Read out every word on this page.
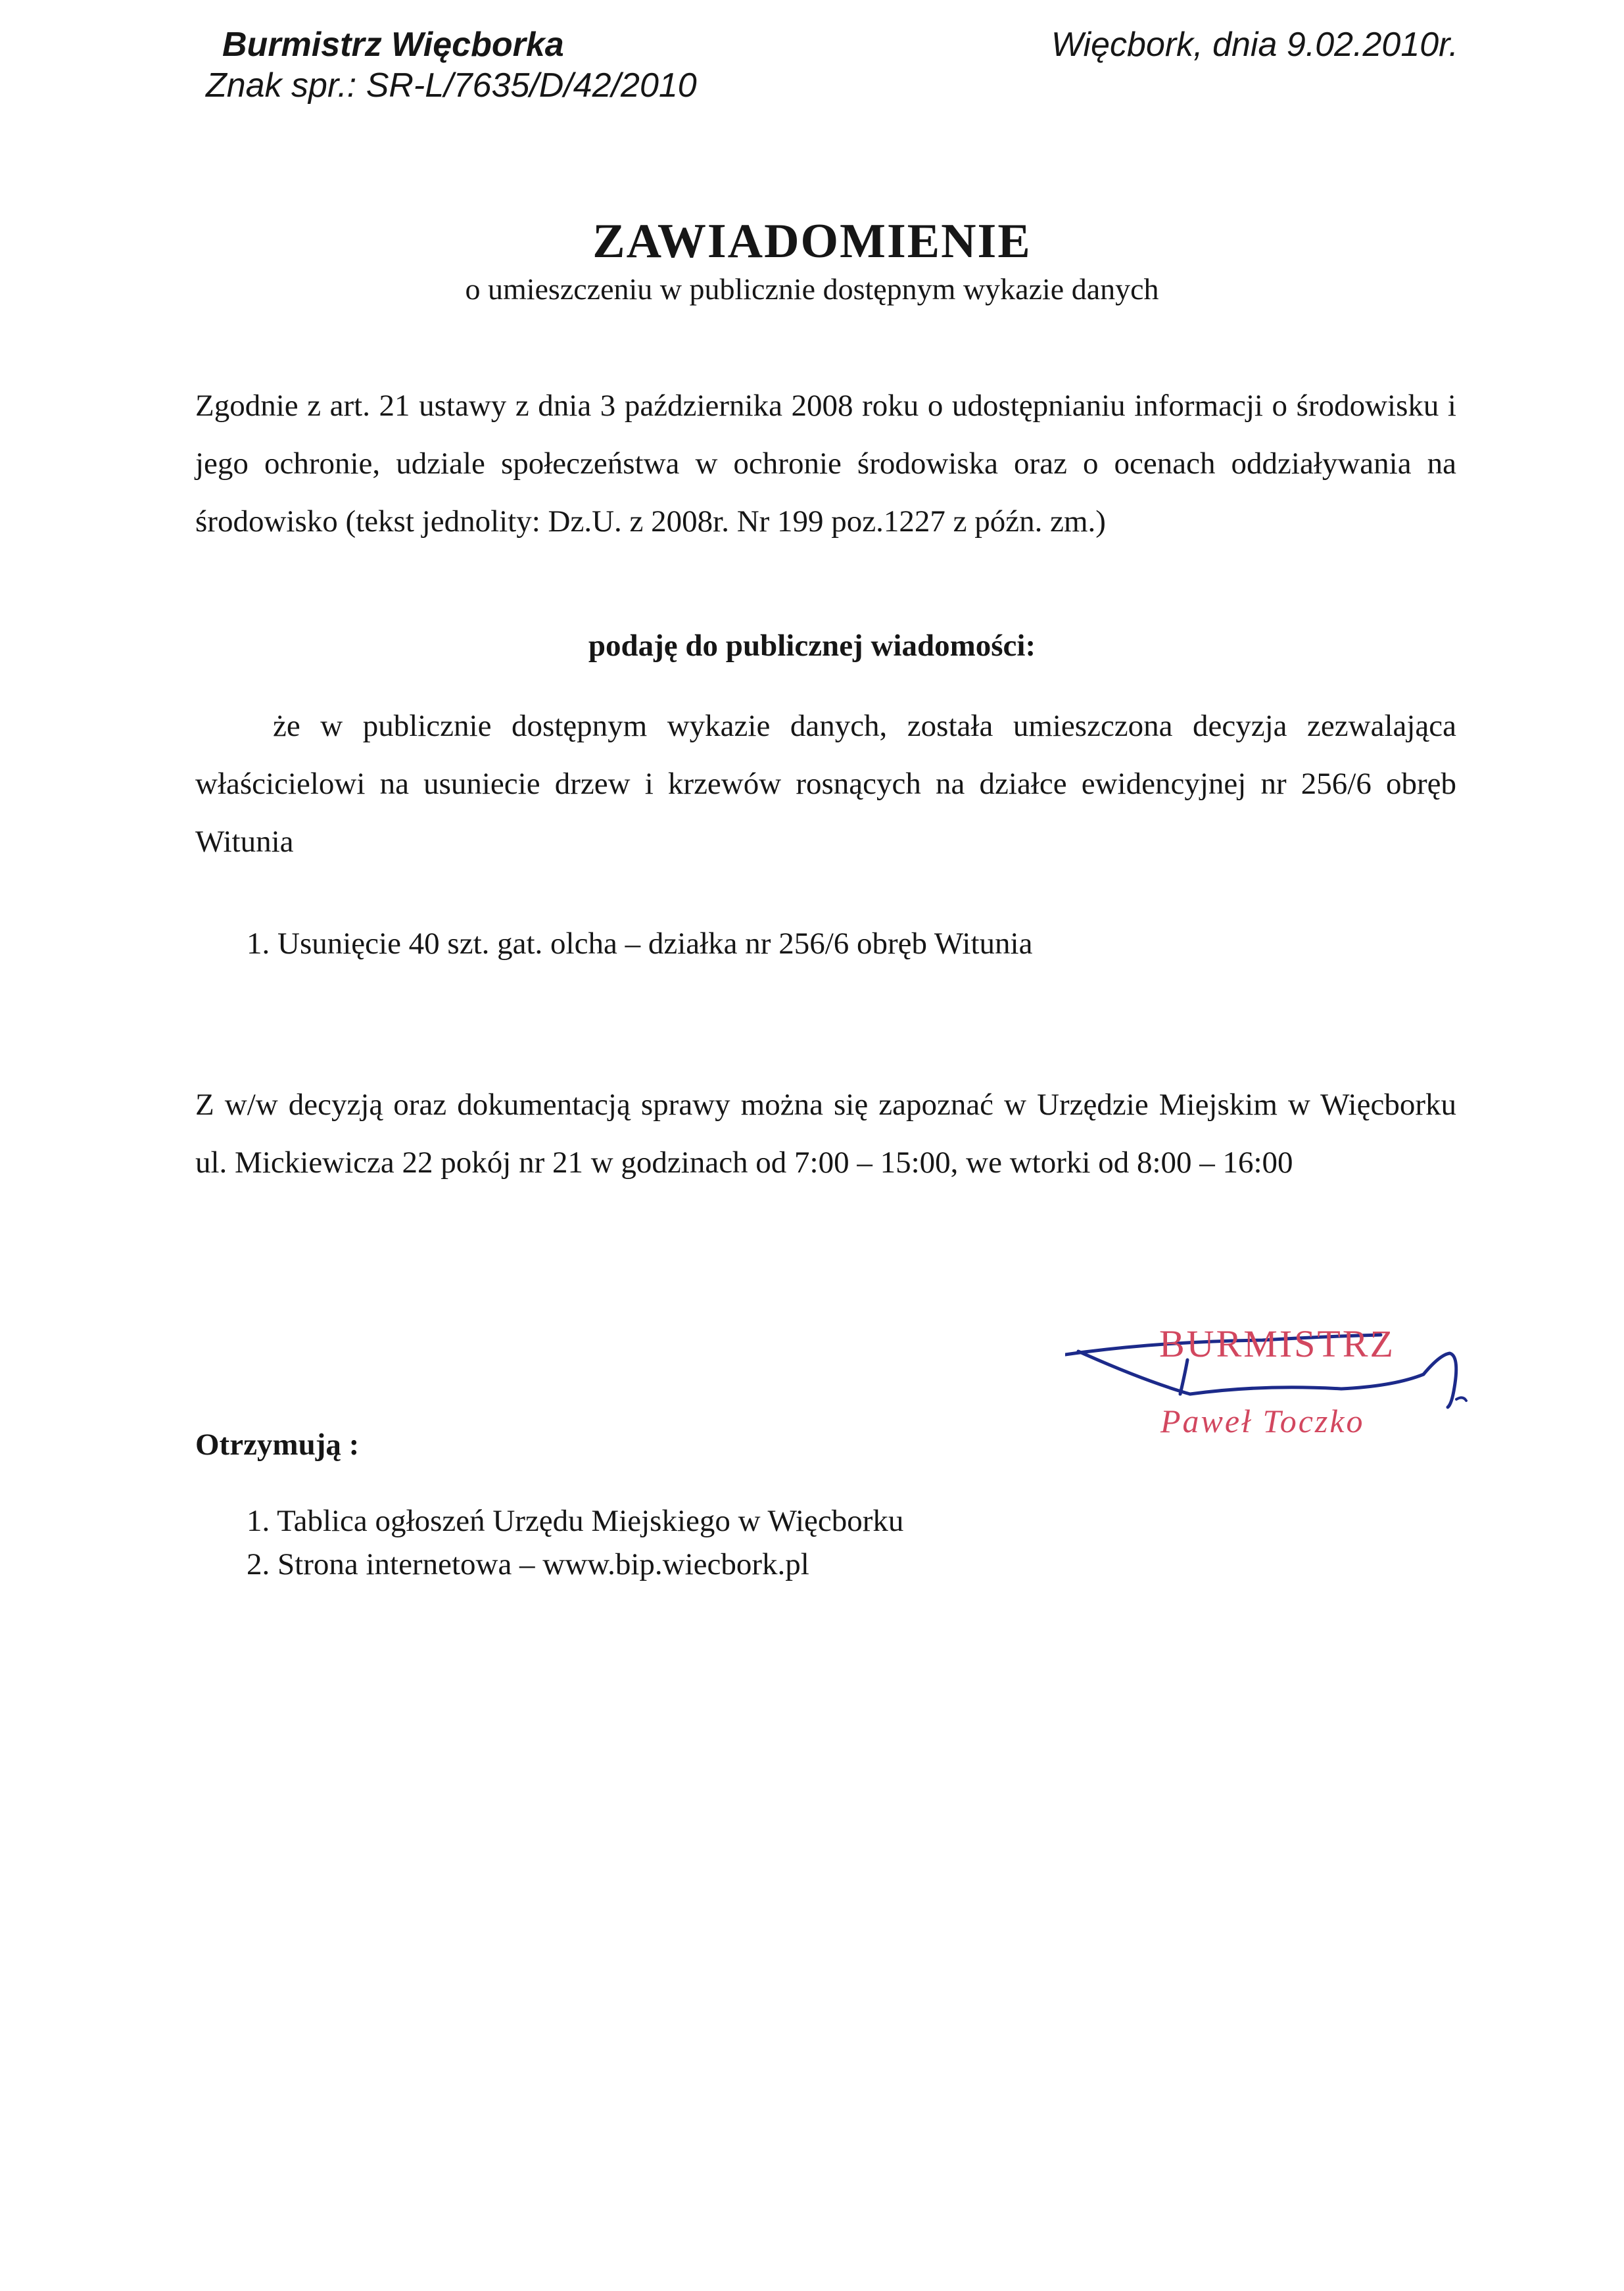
Burmistrz Więcborka
Znak spr.: SR-L/7635/D/42/2010
Więcbork, dnia 9.02.2010r.
ZAWIADOMIENIE
o umieszczeniu w publicznie dostępnym wykazie danych
Zgodnie z art. 21 ustawy z dnia 3 października 2008 roku o udostępnianiu informacji o środowisku i jego ochronie, udziale społeczeństwa w ochronie środowiska oraz o ocenach oddziaływania na środowisko (tekst jednolity: Dz.U. z 2008r. Nr 199 poz.1227 z późn. zm.)
podaję do publicznej wiadomości:
że w publicznie dostępnym wykazie danych, została umieszczona decyzja zezwalająca właścicielowi na usuniecie drzew i krzewów rosnących na działce ewidencyjnej nr 256/6 obręb Witunia
1. Usunięcie 40 szt. gat. olcha – działka nr 256/6 obręb Witunia
Z w/w decyzją oraz dokumentacją sprawy można się zapoznać w Urzędzie Miejskim w Więcborku ul. Mickiewicza 22 pokój nr 21 w godzinach od 7:00 – 15:00, we wtorki od 8:00 – 16:00
BURMISTRZ
Paweł Toczko
Otrzymują :
1. Tablica ogłoszeń Urzędu Miejskiego w Więcborku
2. Strona internetowa – www.bip.wiecbork.pl
